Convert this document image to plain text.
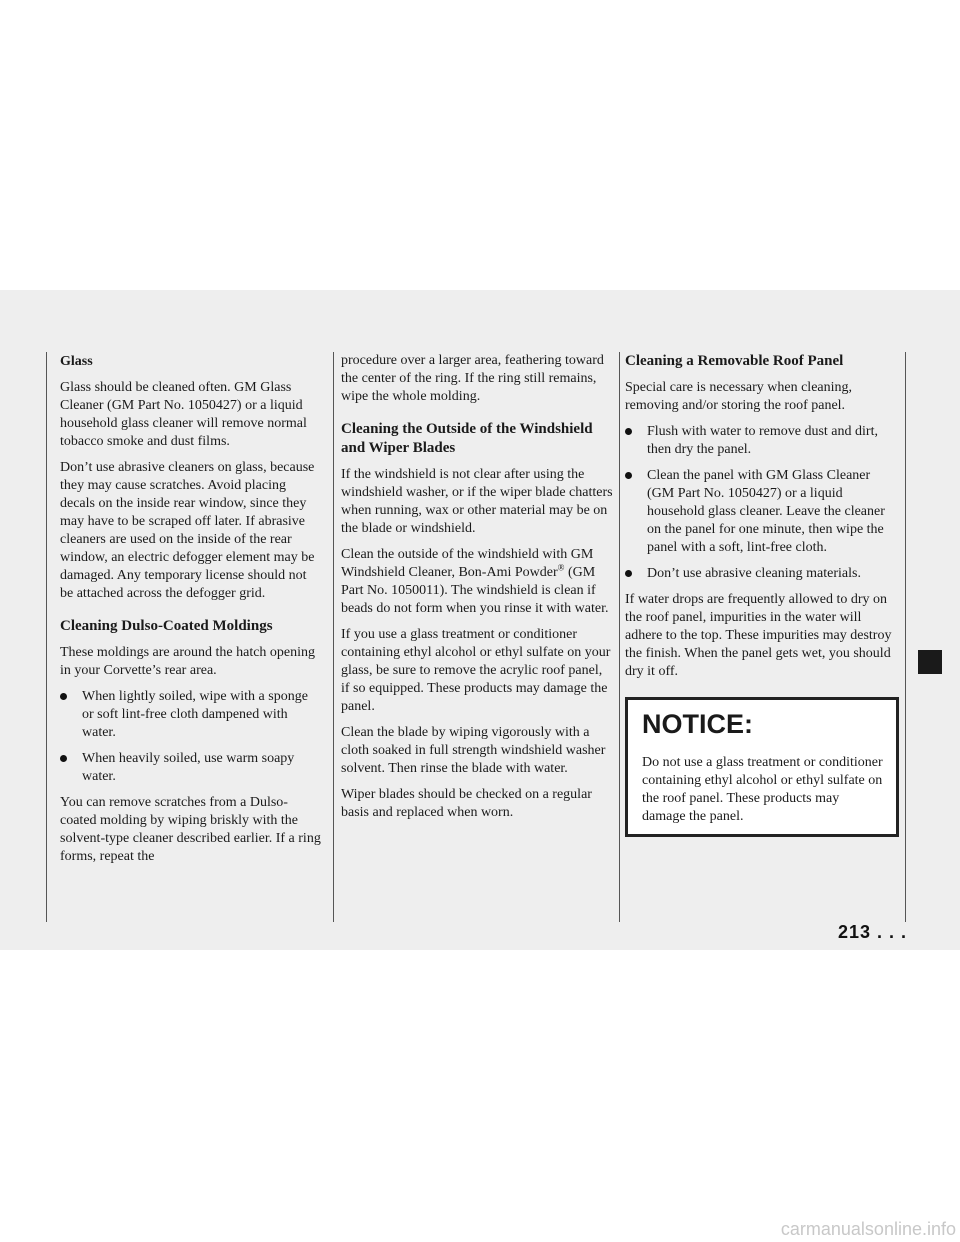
Glass

Glass should be cleaned often. GM Glass Cleaner (GM Part No. 1050427) or a liquid household glass cleaner will remove normal tobacco smoke and dust films.

Don’t use abrasive cleaners on glass, because they may cause scratches. Avoid placing decals on the inside rear window, since they may have to be scraped off later. If abrasive cleaners are used on the inside of the rear window, an electric defogger element may be damaged. Any temporary license should not be attached across the defogger grid.

Cleaning Dulso-Coated Moldings

These moldings are around the hatch opening in your Corvette’s rear area.

When lightly soiled, wipe with a sponge or soft lint-free cloth dampened with water.
When heavily soiled, use warm soapy water.

You can remove scratches from a Dulso-coated molding by wiping briskly with the solvent-type cleaner described earlier. If a ring forms, repeat the

procedure over a larger area, feathering toward the center of the ring. If the ring still remains, wipe the whole molding.

Cleaning the Outside of the Windshield and Wiper Blades

If the windshield is not clear after using the windshield washer, or if the wiper blade chatters when running, wax or other material may be on the blade or windshield.

Clean the outside of the windshield with GM Windshield Cleaner, Bon-Ami Powder® (GM Part No. 1050011). The windshield is clean if beads do not form when you rinse it with water.

If you use a glass treatment or conditioner containing ethyl alcohol or ethyl sulfate on your glass, be sure to remove the acrylic roof panel, if so equipped. These products may damage the panel.

Clean the blade by wiping vigorously with a cloth soaked in full strength windshield washer solvent. Then rinse the blade with water.

Wiper blades should be checked on a regular basis and replaced when worn.

Cleaning a Removable Roof Panel

Special care is necessary when cleaning, removing and/or storing the roof panel.

Flush with water to remove dust and dirt, then dry the panel.
Clean the panel with GM Glass Cleaner (GM Part No. 1050427) or a liquid household glass cleaner. Leave the cleaner on the panel for one minute, then wipe the panel with a soft, lint-free cloth.
Don’t use abrasive cleaning materials.

If water drops are frequently allowed to dry on the roof panel, impurities in the water will adhere to the top. These impurities may destroy the finish. When the panel gets wet, you should dry it off.

NOTICE:

Do not use a glass treatment or conditioner containing ethyl alcohol or ethyl sulfate on the roof panel. These products may damage the panel.

213 . . .
carmanualsonline.info
